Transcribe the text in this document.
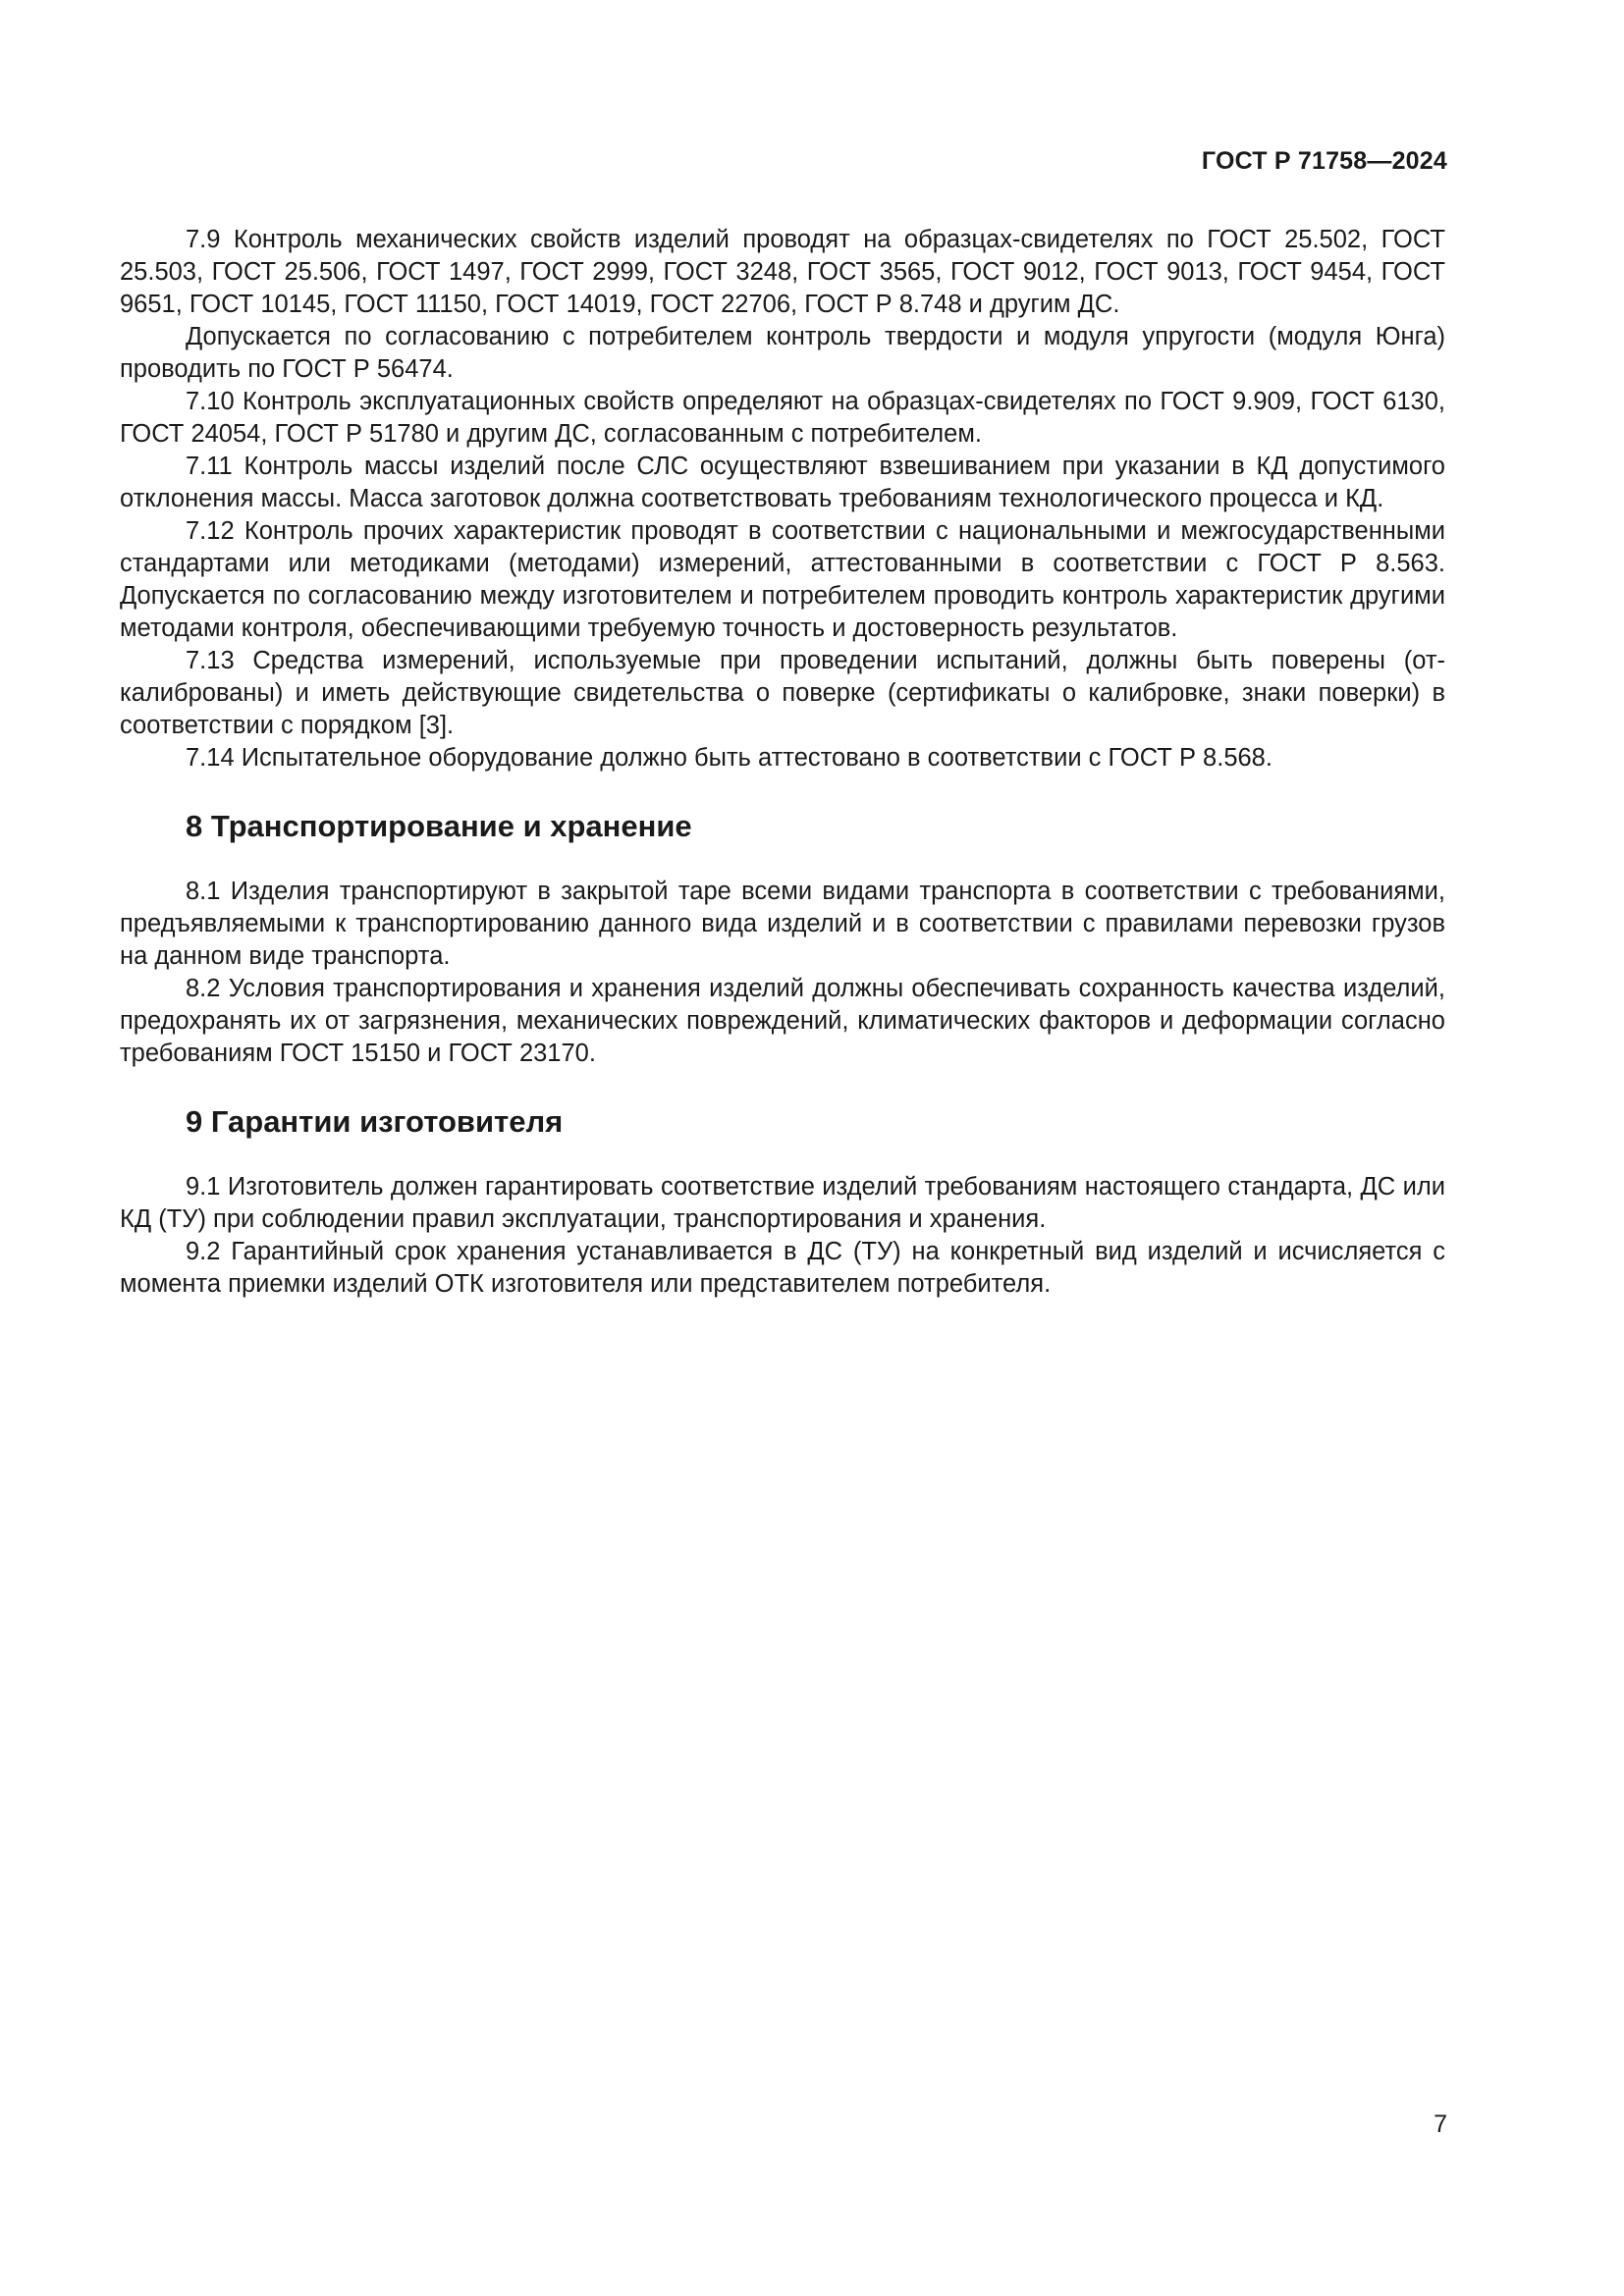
ГОСТ Р 71758—2024

7.9 Контроль механических свойств изделий проводят на образцах-свидетелях по ГОСТ 25.502, ГОСТ 25.503, ГОСТ 25.506, ГОСТ 1497, ГОСТ 2999, ГОСТ 3248, ГОСТ 3565, ГОСТ 9012, ГОСТ 9013, ГОСТ 9454, ГОСТ 9651, ГОСТ 10145, ГОСТ 11150, ГОСТ 14019, ГОСТ 22706, ГОСТ Р 8.748 и другим ДС.

Допускается по согласованию с потребителем контроль твердости и модуля упругости (модуля Юнга) проводить по ГОСТ Р 56474.

7.10 Контроль эксплуатационных свойств определяют на образцах-свидетелях по ГОСТ 9.909, ГОСТ 6130, ГОСТ 24054, ГОСТ Р 51780 и другим ДС, согласованным с потребителем.

7.11 Контроль массы изделий после СЛС осуществляют взвешиванием при указании в КД допустимого отклонения массы. Масса заготовок должна соответствовать требованиям технологического процесса и КД.

7.12 Контроль прочих характеристик проводят в соответствии с национальными и межгосударственными стандартами или методиками (методами) измерений, аттестованными в соответствии с ГОСТ Р 8.563. Допускается по согласованию между изготовителем и потребителем проводить контроль характеристик другими методами контроля, обеспечивающими требуемую точность и достоверность результатов.

7.13 Средства измерений, используемые при проведении испытаний, должны быть поверены (откалиброваны) и иметь действующие свидетельства о поверке (сертификаты о калибровке, знаки поверки) в соответствии с порядком [3].

7.14 Испытательное оборудование должно быть аттестовано в соответствии с ГОСТ Р 8.568.

8 Транспортирование и хранение

8.1 Изделия транспортируют в закрытой таре всеми видами транспорта в соответствии с требованиями, предъявляемыми к транспортированию данного вида изделий и в соответствии с правилами перевозки грузов на данном виде транспорта.

8.2 Условия транспортирования и хранения изделий должны обеспечивать сохранность качества изделий, предохранять их от загрязнения, механических повреждений, климатических факторов и деформации согласно требованиям ГОСТ 15150 и ГОСТ 23170.

9 Гарантии изготовителя

9.1 Изготовитель должен гарантировать соответствие изделий требованиям настоящего стандарта, ДС или КД (ТУ) при соблюдении правил эксплуатации, транспортирования и хранения.

9.2 Гарантийный срок хранения устанавливается в ДС (ТУ) на конкретный вид изделий и исчисляется с момента приемки изделий ОТК изготовителя или представителем потребителя.

7
